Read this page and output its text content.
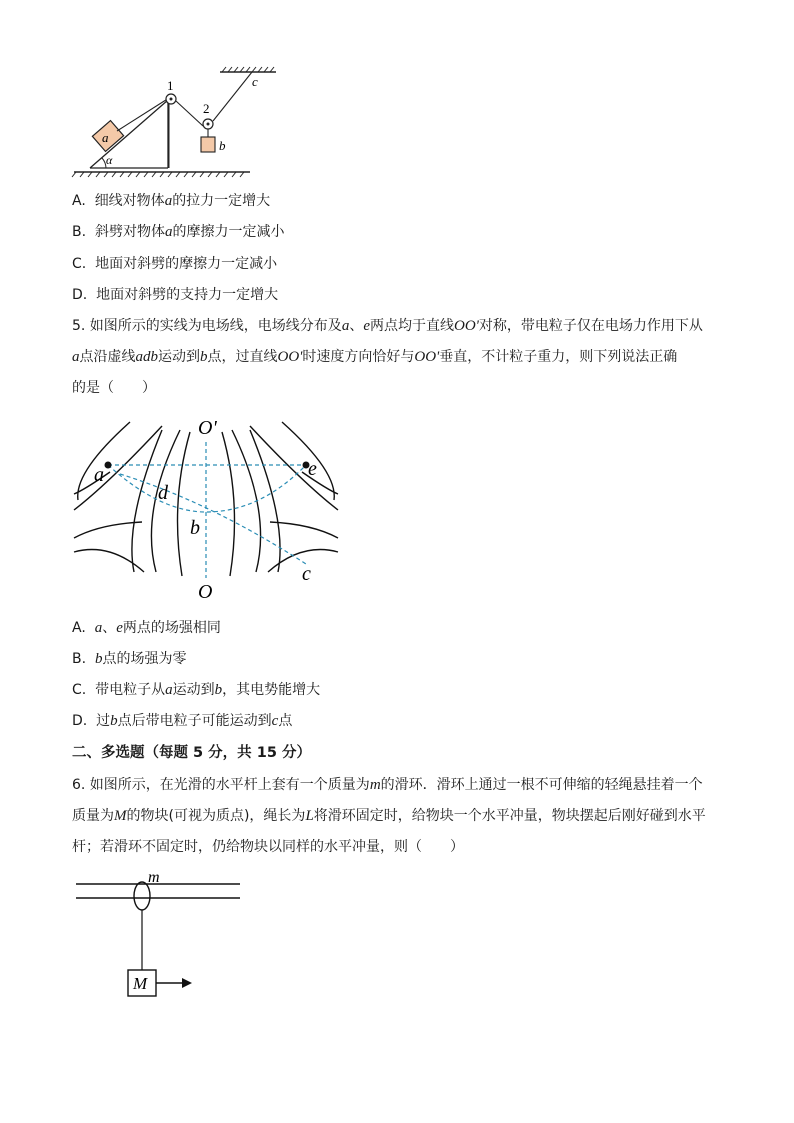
1
2
a
b
c
α
A. 细线对物体a的拉力一定增大
B. 斜劈对物体a的摩擦力一定减小
C. 地面对斜劈的摩擦力一定减小
D. 地面对斜劈的支持力一定增大
5. 如图所示的实线为电场线，电场线分布及a、e两点均于直线OO'对称，带电粒子仅在电场力作用下从
a点沿虚线adb运动到b点，过直线OO'时速度方向恰好与OO'垂直，不计粒子重力，则下列说法正确
的是（　　）
O'
O
a	e
d
b
c
A. a、e两点的场强相同
B. b点的场强为零
C. 带电粒子从a运动到b，其电势能增大
D. 过b点后带电粒子可能运动到c点
二、多选题（每题 5 分，共 15 分）
6. 如图所示，在光滑的水平杆上套有一个质量为m的滑环．滑环上通过一根不可伸缩的轻绳悬挂着一个
质量为M的物块(可视为质点)，绳长为L将滑环固定时，给物块一个水平冲量，物块摆起后刚好碰到水平
杆；若滑环不固定时，仍给物块以同样的水平冲量，则（　　）
m
M
